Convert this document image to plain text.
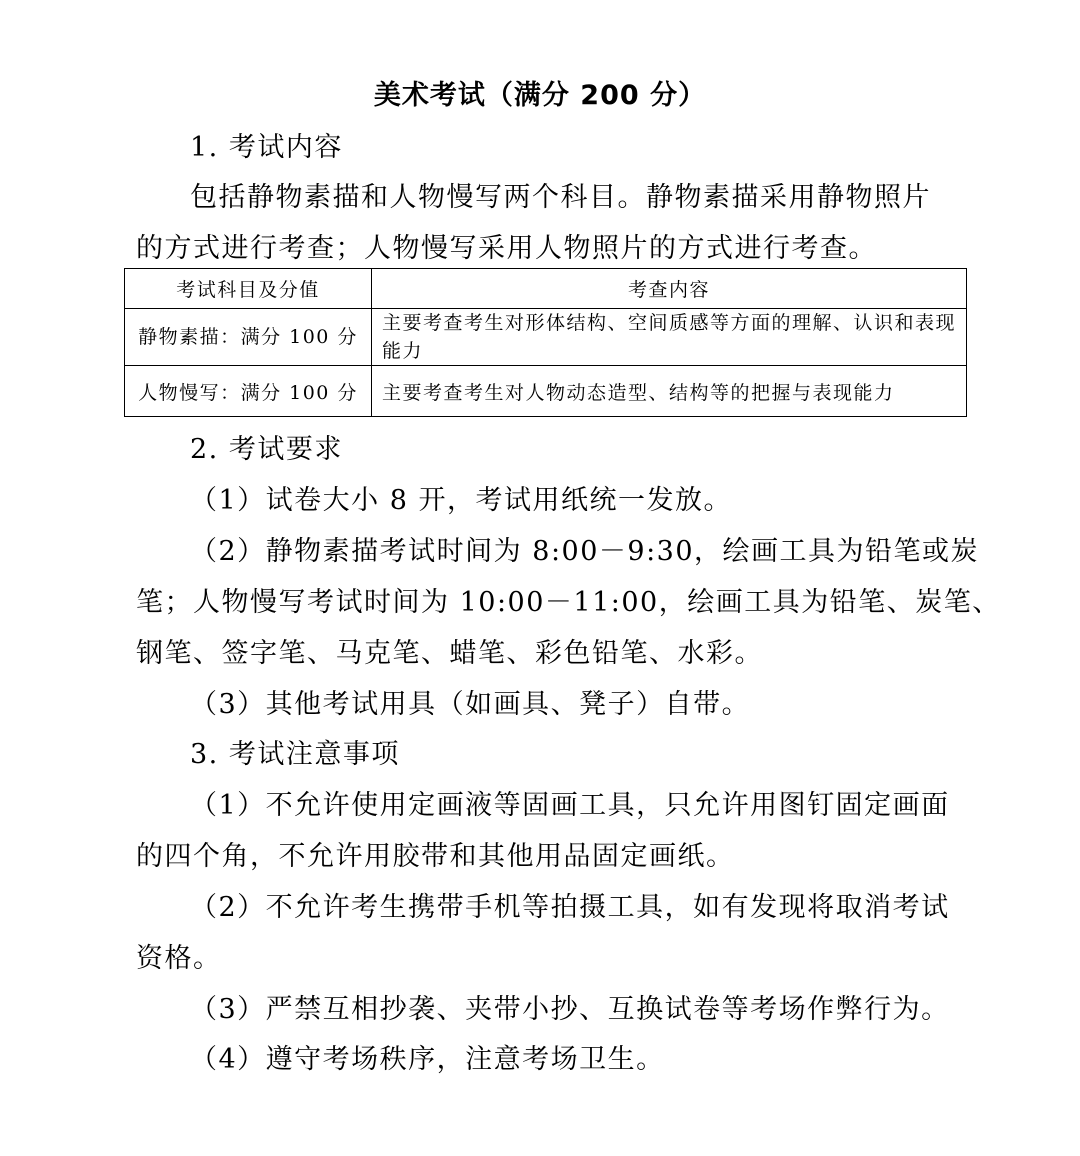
美术考试（满分 200 分）
1. 考试内容
包括静物素描和人物慢写两个科目。静物素描采用静物照片
的方式进行考查；人物慢写采用人物照片的方式进行考查。
考试科目及分值	考查内容
静物素描：满分 100 分	主要考查考生对形体结构、空间质感等方面的理解、认识和表现能力
人物慢写：满分 100 分	主要考查考生对人物动态造型、结构等的把握与表现能力
2. 考试要求
（1）试卷大小 8 开，考试用纸统一发放。
（2）静物素描考试时间为 8:00－9:30，绘画工具为铅笔或炭
笔；人物慢写考试时间为 10:00－11:00，绘画工具为铅笔、炭笔、
钢笔、签字笔、马克笔、蜡笔、彩色铅笔、水彩。
（3）其他考试用具（如画具、凳子）自带。
3. 考试注意事项
（1）不允许使用定画液等固画工具，只允许用图钉固定画面
的四个角，不允许用胶带和其他用品固定画纸。
（2）不允许考生携带手机等拍摄工具，如有发现将取消考试
资格。
（3）严禁互相抄袭、夹带小抄、互换试卷等考场作弊行为。
（4）遵守考场秩序，注意考场卫生。
